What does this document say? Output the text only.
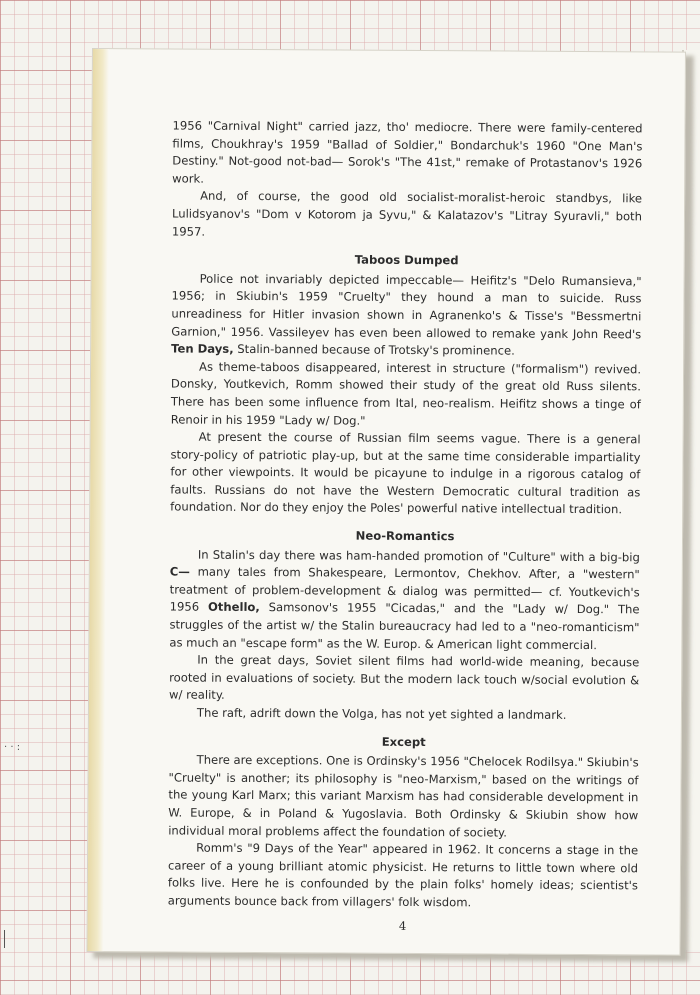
1956 "Carnival Night" carried jazz, tho' mediocre. There were family-centered films, Choukhray's 1959 "Ballad of Soldier," Bondarchuk's 1960 "One Man's Destiny." Not-good not-bad— Sorok's "The 41st," remake of Protastanov's 1926 work.

And, of course, the good old socialist-moralist-heroic standbys, like Lulidsyanov's "Dom v Kotorom ja Syvu," & Kalatazov's "Litray Syuravli," both 1957.

Taboos Dumped

Police not invariably depicted impeccable— Heifitz's "Delo Rumansieva," 1956; in Skiubin's 1959 "Cruelty" they hound a man to suicide. Russ unreadiness for Hitler invasion shown in Agranenko's & Tisse's "Bessmertni Garnion," 1956. Vassileyev has even been allowed to remake yank John Reed's Ten Days, Stalin-banned because of Trotsky's prominence.

As theme-taboos disappeared, interest in structure ("formalism") revived. Donsky, Youtkevich, Romm showed their study of the great old Russ silents. There has been some influence from Ital, neo-realism. Heifitz shows a tinge of Renoir in his 1959 "Lady w/ Dog."

At present the course of Russian film seems vague. There is a general story-policy of patriotic play-up, but at the same time considerable impartiality for other viewpoints. It would be picayune to indulge in a rigorous catalog of faults. Russians do not have the Western Democratic cultural tradition as foundation. Nor do they enjoy the Poles' powerful native intellectual tradition.

Neo-Romantics

In Stalin's day there was ham-handed promotion of "Culture" with a big-big C— many tales from Shakespeare, Lermontov, Chekhov. After, a "western" treatment of problem-development & dialog was permitted— cf. Youtkevich's 1956 Othello, Samsonov's 1955 "Cicadas," and the "Lady w/ Dog." The struggles of the artist w/ the Stalin bureaucracy had led to a "neo-romanticism" as much an "escape form" as the W. Europ. & American light commercial.

In the great days, Soviet silent films had world-wide meaning, because rooted in evaluations of society. But the modern lack touch w/social evolution & w/ reality.

The raft, adrift down the Volga, has not yet sighted a landmark.

Except

There are exceptions. One is Ordinsky's 1956 "Chelocek Rodilsya." Skiubin's "Cruelty" is another; its philosophy is "neo-Marxism," based on the writings of the young Karl Marx; this variant Marxism has had considerable development in W. Europe, & in Poland & Yugoslavia. Both Ordinsky & Skiubin show how individual moral problems affect the foundation of society.

Romm's "9 Days of the Year" appeared in 1962. It concerns a stage in the career of a young brilliant atomic physicist. He returns to little town where old folks live. Here he is confounded by the plain folks' homely ideas; scientist's arguments bounce back from villagers' folk wisdom.

4
· · :
